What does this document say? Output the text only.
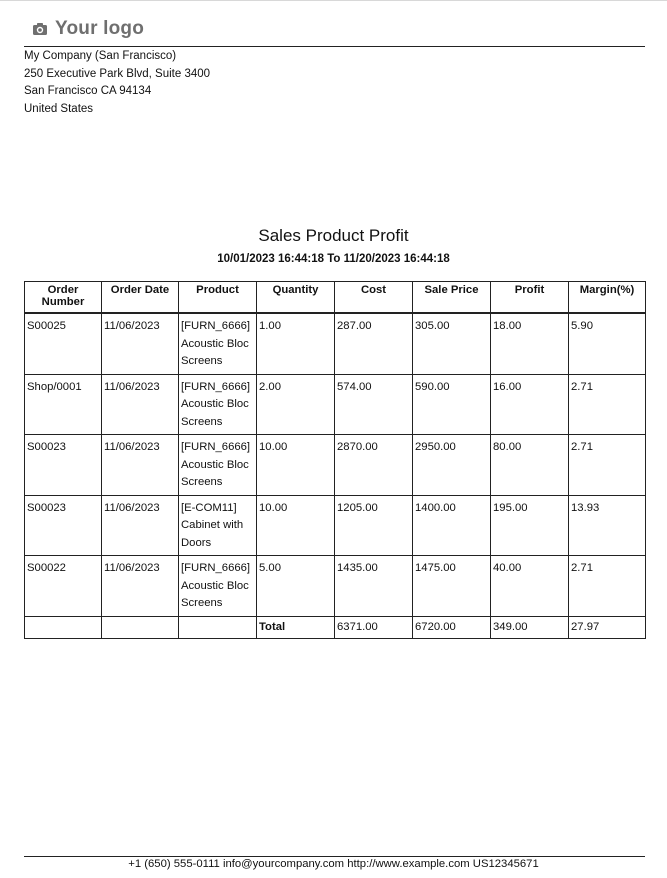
Your logo
My Company (San Francisco)
250 Executive Park Blvd, Suite 3400
San Francisco CA 94134
United States
Sales Product Profit
10/01/2023 16:44:18 To 11/20/2023 16:44:18
Order Number	Order Date	Product	Quantity	Cost	Sale Price	Profit	Margin(%)
S00025	11/06/2023	[FURN_6666] Acoustic Bloc Screens	1.00	287.00	305.00	18.00	5.90
Shop/0001	11/06/2023	[FURN_6666] Acoustic Bloc Screens	2.00	574.00	590.00	16.00	2.71
S00023	11/06/2023	[FURN_6666] Acoustic Bloc Screens	10.00	2870.00	2950.00	80.00	2.71
S00023	11/06/2023	[E-COM11] Cabinet with Doors	10.00	1205.00	1400.00	195.00	13.93
S00022	11/06/2023	[FURN_6666] Acoustic Bloc Screens	5.00	1435.00	1475.00	40.00	2.71
			Total	6371.00	6720.00	349.00	27.97
+1 (650) 555-0111 info@yourcompany.com http://www.example.com US12345671
